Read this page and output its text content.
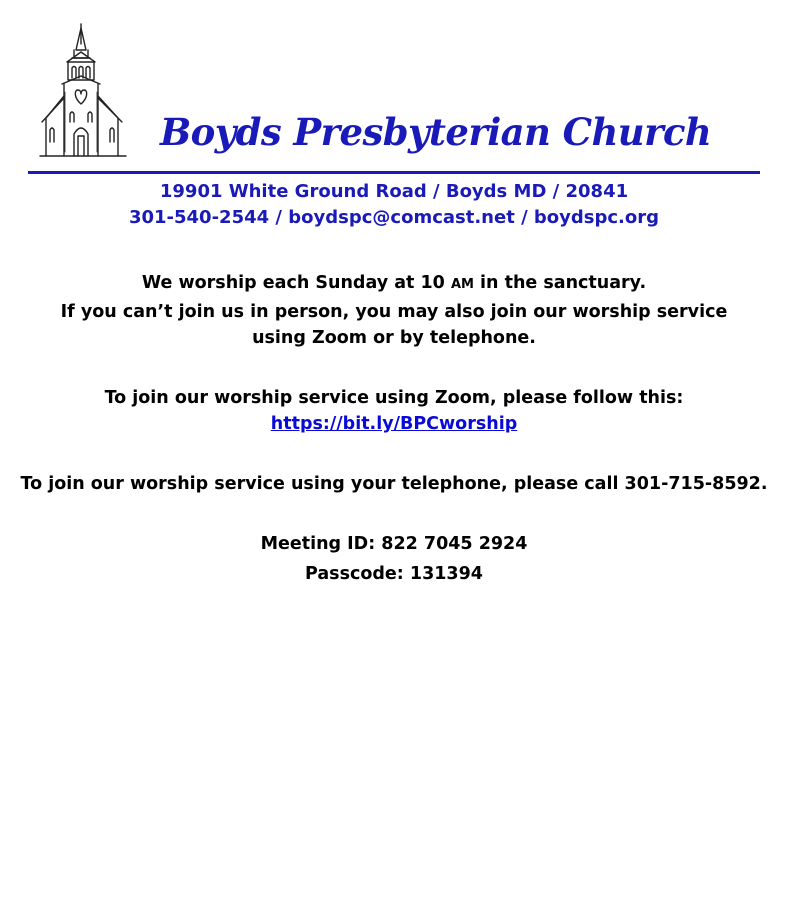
Boyds Presbyterian Church
19901 White Ground Road / Boyds MD / 20841
301-540-2544 / boydspc@comcast.net / boydspc.org
We worship each Sunday at 10 AM in the sanctuary.
If you can’t join us in person, you may also join our worship service
using Zoom or by telephone.
To join our worship service using Zoom, please follow this:
https://bit.ly/BPCworship
To join our worship service using your telephone, please call 301-715-8592.
Meeting ID: 822 7045 2924
Passcode: 131394
